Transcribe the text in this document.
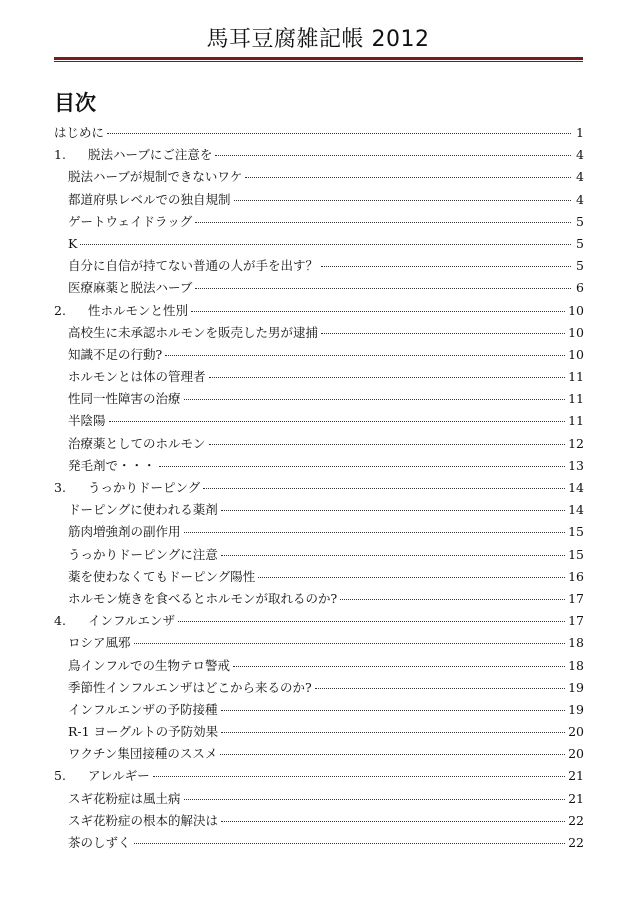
馬耳豆腐雑記帳 2012
目次
はじめに	1
1.	脱法ハーブにご注意を	4
脱法ハーブが規制できないワケ	4
都道府県レベルでの独自規制	4
ゲートウェイドラッグ	5
K	5
自分に自信が持てない普通の人が手を出す？	5
医療麻薬と脱法ハーブ	6
2.	性ホルモンと性別	10
高校生に未承認ホルモンを販売した男が逮捕	10
知識不足の行動?	10
ホルモンとは体の管理者	11
性同一性障害の治療	11
半陰陽	11
治療薬としてのホルモン	12
発毛剤で・・・	13
3.	うっかりドーピング	14
ドーピングに使われる薬剤	14
筋肉増強剤の副作用	15
うっかりドーピングに注意	15
薬を使わなくてもドーピング陽性	16
ホルモン焼きを食べるとホルモンが取れるのか?	17
4.	インフルエンザ	17
ロシア風邪	18
鳥インフルでの生物テロ警戒	18
季節性インフルエンザはどこから来るのか?	19
インフルエンザの予防接種	19
R-1 ヨーグルトの予防効果	20
ワクチン集団接種のススメ	20
5.	アレルギー	21
スギ花粉症は風土病	21
スギ花粉症の根本的解決は	22
茶のしずく	22
